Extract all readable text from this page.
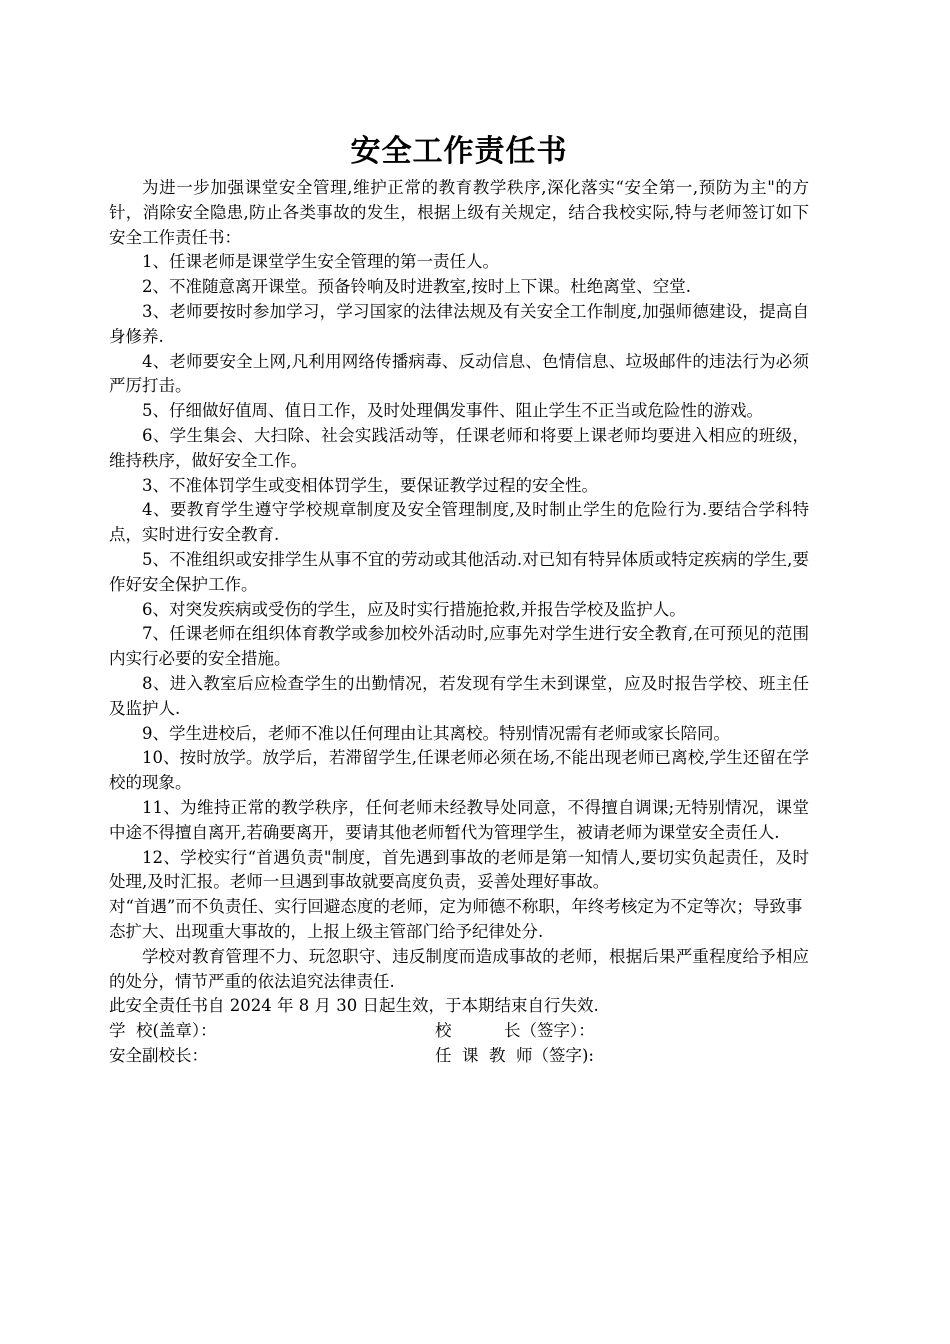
安全工作责任书

为进一步加强课堂安全管理,维护正常的教育教学秩序,深化落实“安全第一,预防为主"的方针，消除安全隐患,防止各类事故的发生，根据上级有关规定，结合我校实际,特与老师签订如下安全工作责任书：

1、任课老师是课堂学生安全管理的第一责任人。

2、不准随意离开课堂。预备铃响及时进教室,按时上下课。杜绝离堂、空堂.

3、老师要按时参加学习，学习国家的法律法规及有关安全工作制度,加强师德建设，提高自身修养.

4、老师要安全上网,凡利用网络传播病毒、反动信息、色情信息、垃圾邮件的违法行为必须严厉打击。

5、仔细做好值周、值日工作，及时处理偶发事件、阻止学生不正当或危险性的游戏。

6、学生集会、大扫除、社会实践活动等，任课老师和将要上课老师均要进入相应的班级，维持秩序，做好安全工作。

3、不准体罚学生或变相体罚学生，要保证教学过程的安全性。

4、要教育学生遵守学校规章制度及安全管理制度,及时制止学生的危险行为.要结合学科特点，实时进行安全教育.

5、不准组织或安排学生从事不宜的劳动或其他活动.对已知有特异体质或特定疾病的学生,要作好安全保护工作。

6、对突发疾病或受伤的学生，应及时实行措施抢救,并报告学校及监护人。

7、任课老师在组织体育教学或参加校外活动时,应事先对学生进行安全教育,在可预见的范围内实行必要的安全措施。

8、进入教室后应检查学生的出勤情况，若发现有学生未到课堂，应及时报告学校、班主任及监护人.

9、学生进校后，老师不准以任何理由让其离校。特别情况需有老师或家长陪同。

10、按时放学。放学后，若滞留学生,任课老师必须在场,不能出现老师已离校,学生还留在学校的现象。

11、为维持正常的教学秩序，任何老师未经教导处同意，不得擅自调课;无特别情况，课堂中途不得擅自离开,若确要离开，要请其他老师暂代为管理学生，被请老师为课堂安全责任人.

12、学校实行“首遇负责"制度，首先遇到事故的老师是第一知情人,要切实负起责任，及时处理,及时汇报。老师一旦遇到事故就要高度负责，妥善处理好事故。

对“首遇”而不负责任、实行回避态度的老师，定为师德不称职，年终考核定为不定等次；导致事态扩大、出现重大事故的，上报上级主管部门给予纪律处分.

学校对教育管理不力、玩忽职守、违反制度而造成事故的老师，根据后果严重程度给予相应的处分，情节严重的依法追究法律责任.

此安全责任书自 2024 年 8 月 30 日起生效，于本期结束自行失效.

学  校(盖章）：	校          长（签字）：
安全副校长：	任  课  教  师（签字):
